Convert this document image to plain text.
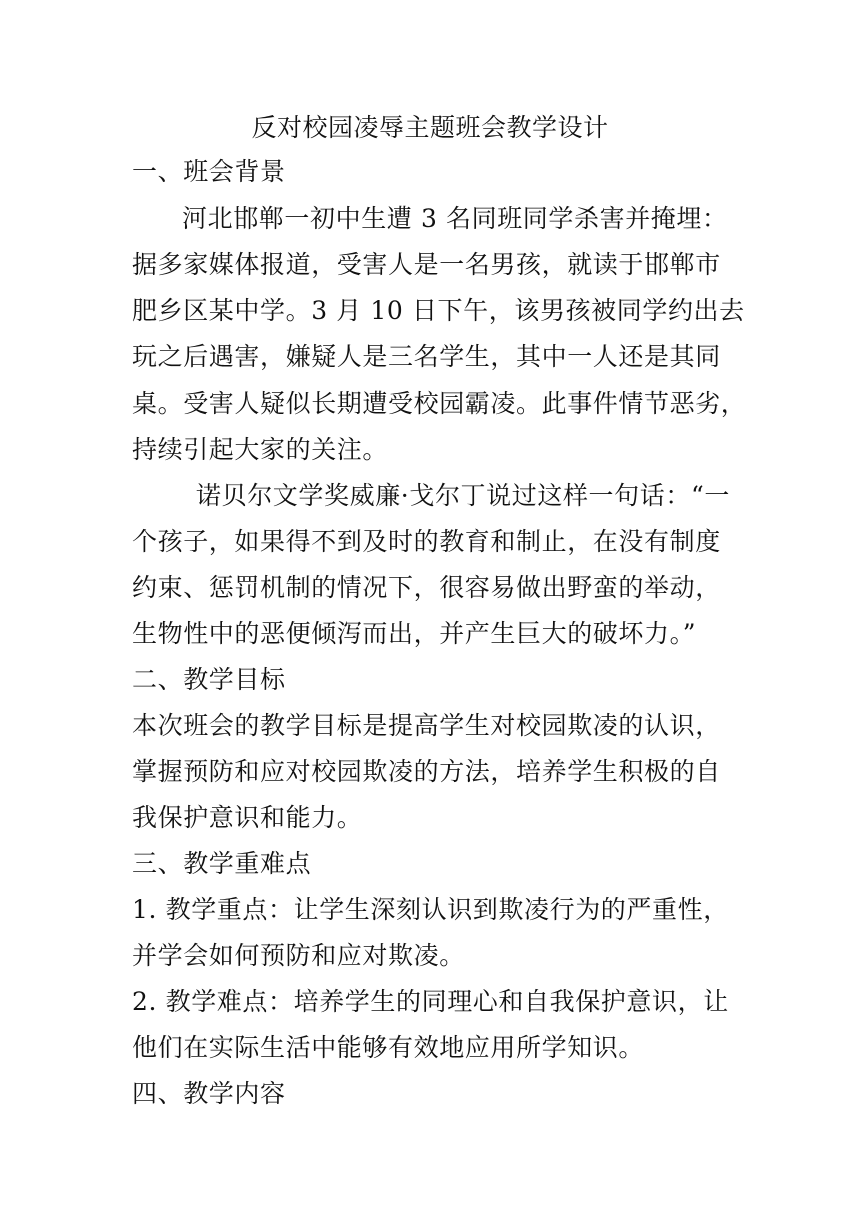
反对校园凌辱主题班会教学设计
一、班会背景
河北邯郸一初中生遭 3 名同班同学杀害并掩埋：
据多家媒体报道，受害人是一名男孩，就读于邯郸市
肥乡区某中学。3 月 10 日下午，该男孩被同学约出去
玩之后遇害，嫌疑人是三名学生，其中一人还是其同
桌。受害人疑似长期遭受校园霸凌。此事件情节恶劣，
持续引起大家的关注。
诺贝尔文学奖威廉·戈尔丁说过这样一句话：“一
个孩子，如果得不到及时的教育和制止，在没有制度
约束、惩罚机制的情况下，很容易做出野蛮的举动，
生物性中的恶便倾泻而出，并产生巨大的破坏力。”
二、教学目标
本次班会的教学目标是提高学生对校园欺凌的认识，
掌握预防和应对校园欺凌的方法，培养学生积极的自
我保护意识和能力。
三、教学重难点
1. 教学重点：让学生深刻认识到欺凌行为的严重性，
并学会如何预防和应对欺凌。
2. 教学难点：培养学生的同理心和自我保护意识，让
他们在实际生活中能够有效地应用所学知识。
四、教学内容
